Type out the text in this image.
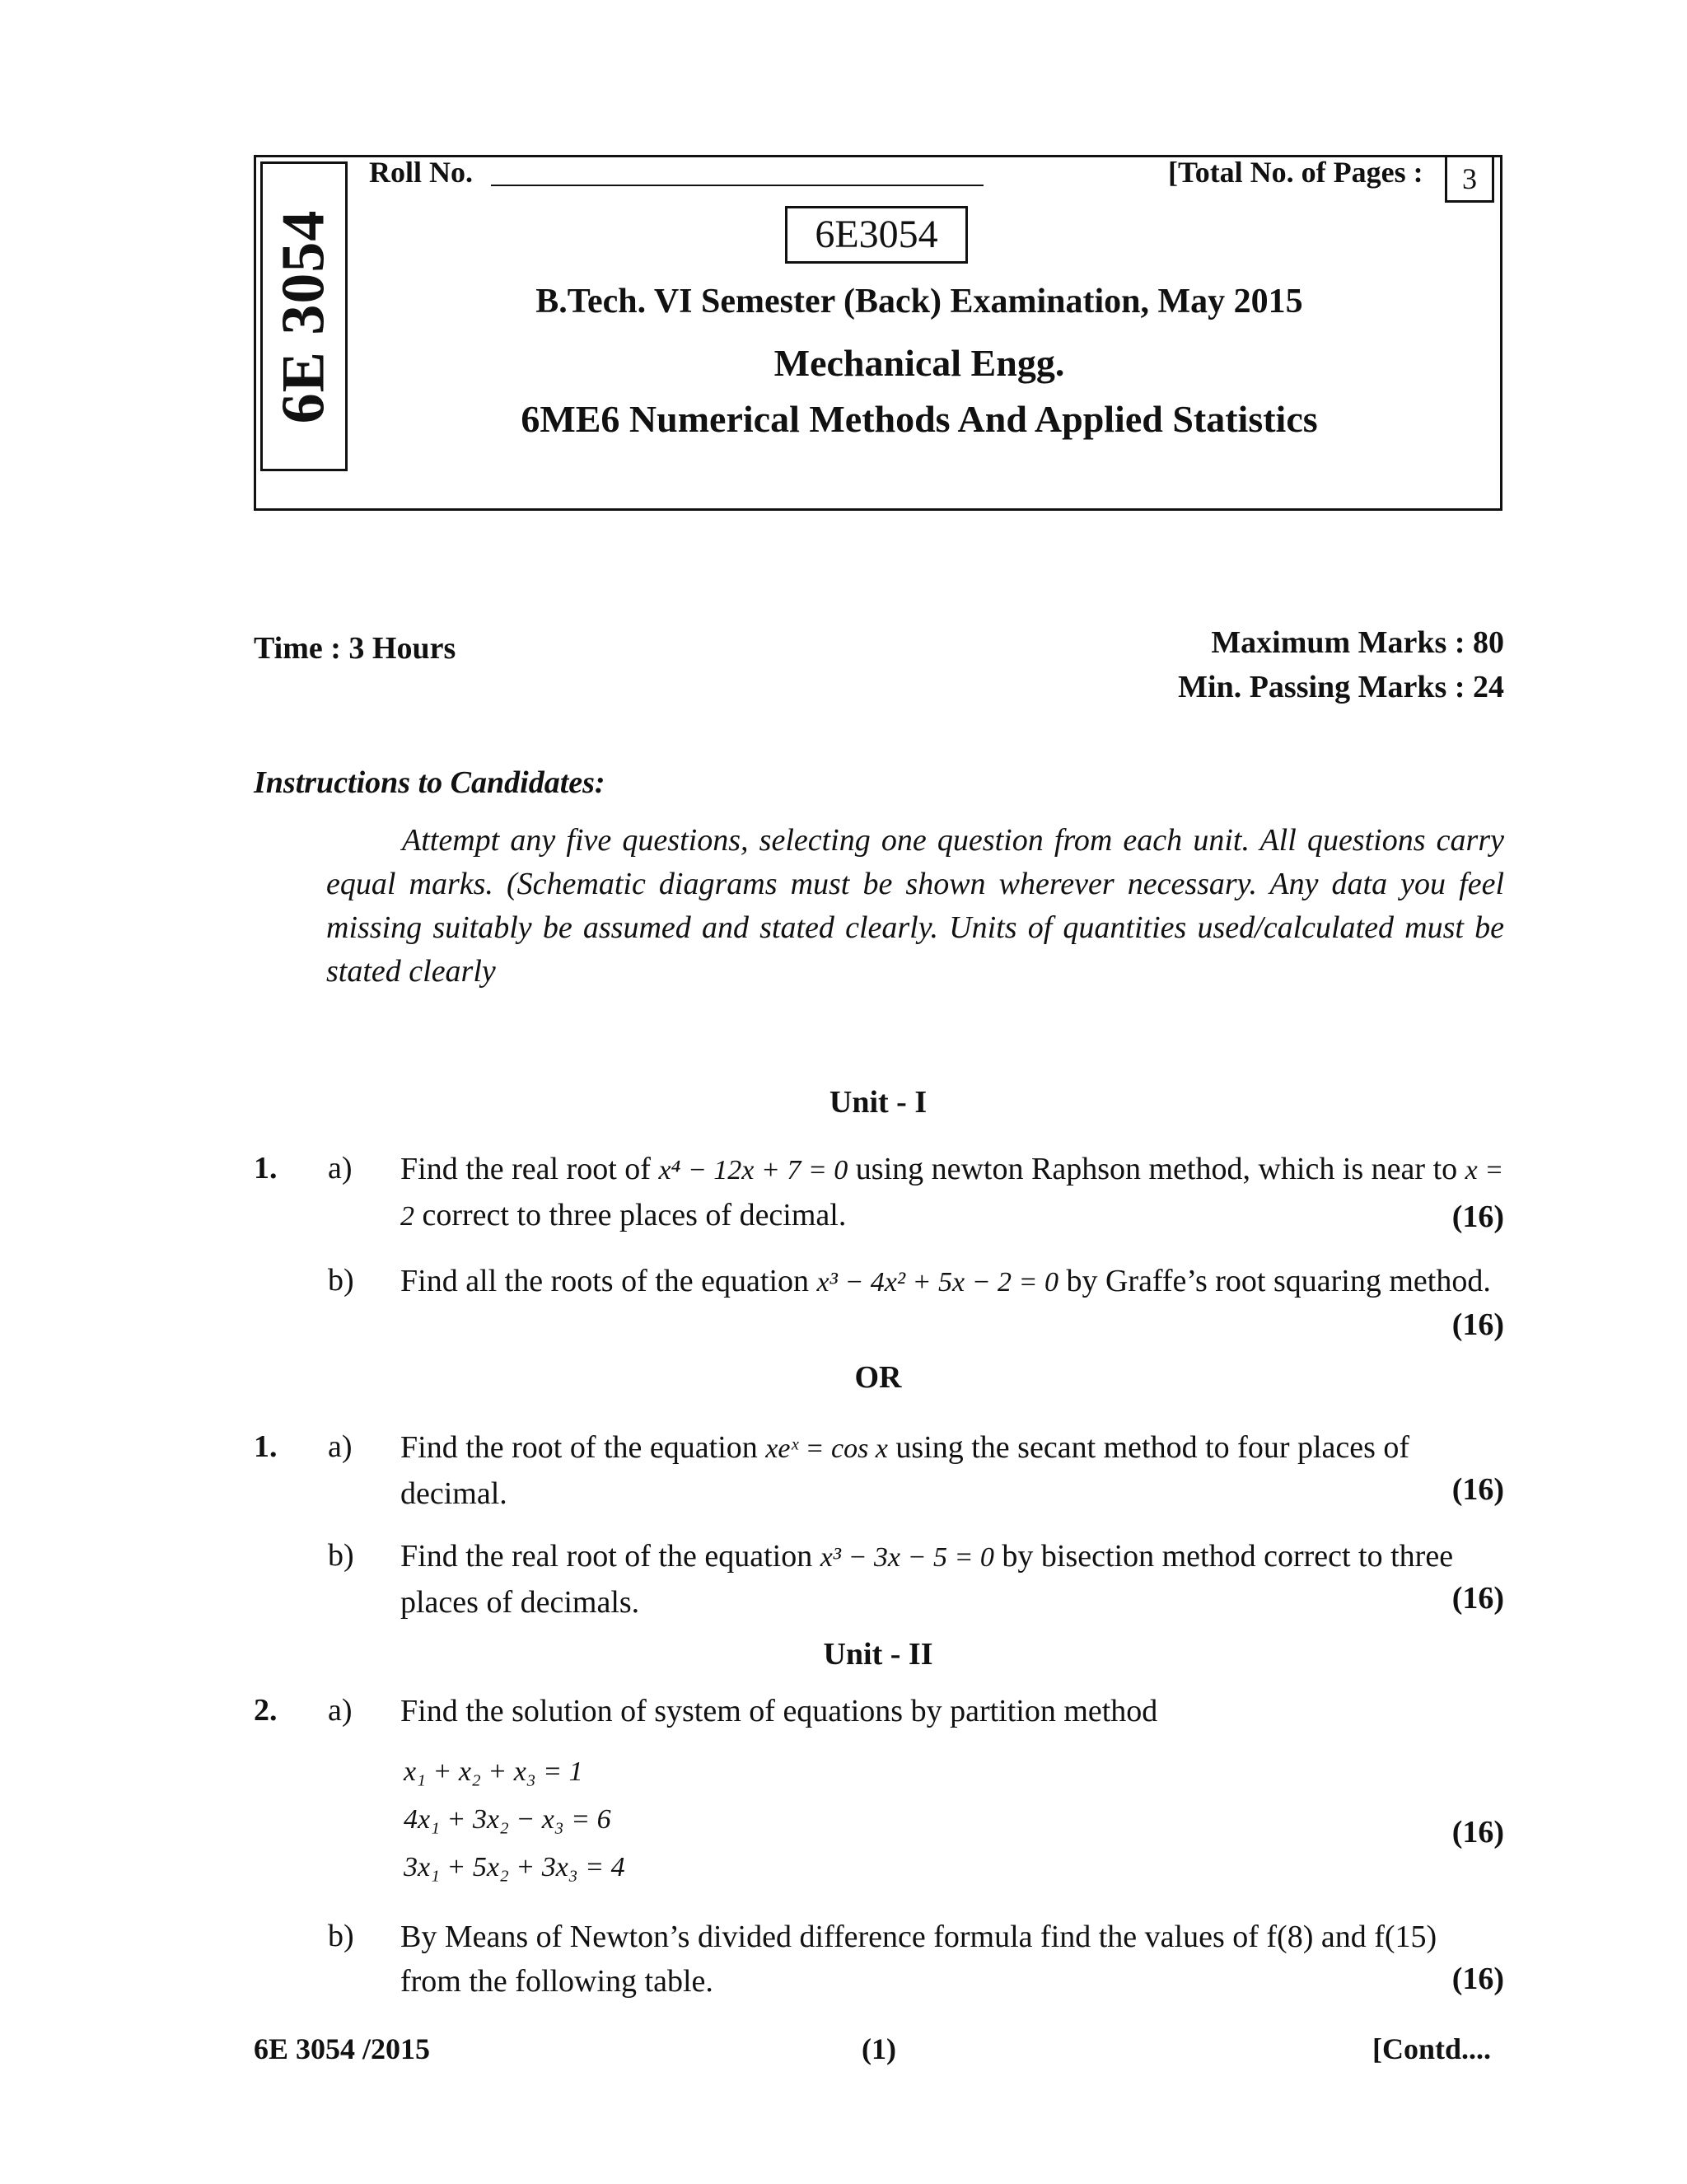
6E 3054
Roll No.	[Total No. of Pages :	3
6E3054
B.Tech. VI Semester (Back) Examination, May 2015
Mechanical Engg.
6ME6 Numerical Methods And Applied Statistics
Time : 3 Hours	Maximum Marks : 80
Min. Passing Marks : 24
Instructions to Candidates:
Attempt any five questions, selecting one question from each unit. All questions carry equal marks. (Schematic diagrams must be shown wherever necessary. Any data you feel missing suitably be assumed and stated clearly. Units of quantities used/calculated must be stated clearly
Unit - I
1. a) Find the real root of x⁴ − 12x + 7 = 0 using newton Raphson method, which is near to x = 2 correct to three places of decimal.	(16)
b) Find all the roots of the equation x³ − 4x² + 5x − 2 = 0 by Graffe’s root squaring method.
(16)
OR
1. a) Find the root of the equation xeˣ = cos x using the secant method to four places of decimal.	(16)
b) Find the real root of the equation x³ − 3x − 5 = 0 by bisection method correct to three places of decimals.	(16)
Unit - II
2. a) Find the solution of system of equations by partition method
x₁ + x₂ + x₃ = 1
4x₁ + 3x₂ − x₃ = 6
3x₁ + 5x₂ + 3x₃ = 4
(16)
b) By Means of Newton’s divided difference formula find the values of f(8) and f(15) from the following table.	(16)
6E 3054 /2015	(1)	[Contd....
